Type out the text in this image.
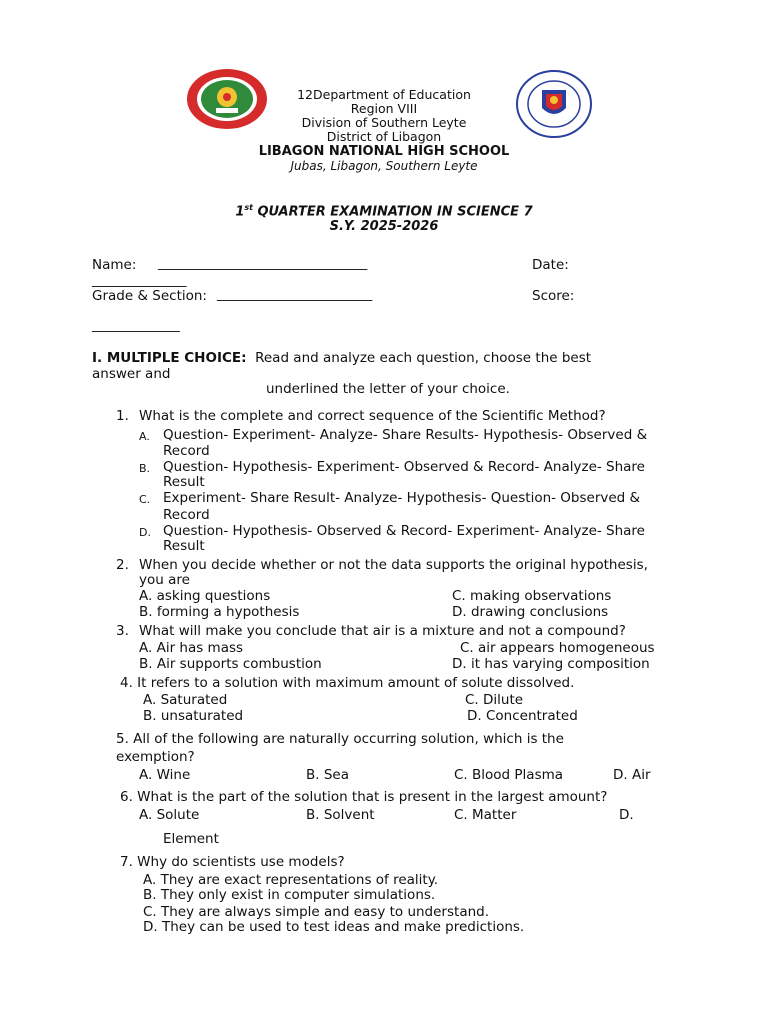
12Department of Education
Region VIII
Division of Southern Leyte
District of Libagon
LIBAGON NATIONAL HIGH SCHOOL
Jubas, Libagon, Southern Leyte
1st QUARTER EXAMINATION IN SCIENCE 7
S.Y. 2025-2026
Name: _______________________________	Date:
______________
Grade & Section: _______________________	Score:
_____________
I. MULTIPLE CHOICE: Read and analyze each question, choose the best
answer and
underlined the letter of your choice.
1. What is the complete and correct sequence of the Scientific Method?
A. Question- Experiment- Analyze- Share Results- Hypothesis- Observed &
Record
B. Question- Hypothesis- Experiment- Observed & Record- Analyze- Share
Result
C. Experiment- Share Result- Analyze- Hypothesis- Question- Observed &
Record
D. Question- Hypothesis- Observed & Record- Experiment- Analyze- Share
Result
2. When you decide whether or not the data supports the original hypothesis,
you are
A. asking questions	C. making observations
B. forming a hypothesis	D. drawing conclusions
3. What will make you conclude that air is a mixture and not a compound?
A. Air has mass	C. air appears homogeneous
B. Air supports combustion	D. it has varying composition
4. It refers to a solution with maximum amount of solute dissolved.
A. Saturated	C. Dilute
B. unsaturated	D. Concentrated
5. All of the following are naturally occurring solution, which is the
exemption?
A. Wine	B. Sea	C. Blood Plasma	D. Air
6. What is the part of the solution that is present in the largest amount?
A. Solute	B. Solvent	C. Matter	D.
Element
7. Why do scientists use models?
A. They are exact representations of reality.
B. They only exist in computer simulations.
C. They are always simple and easy to understand.
D. They can be used to test ideas and make predictions.
